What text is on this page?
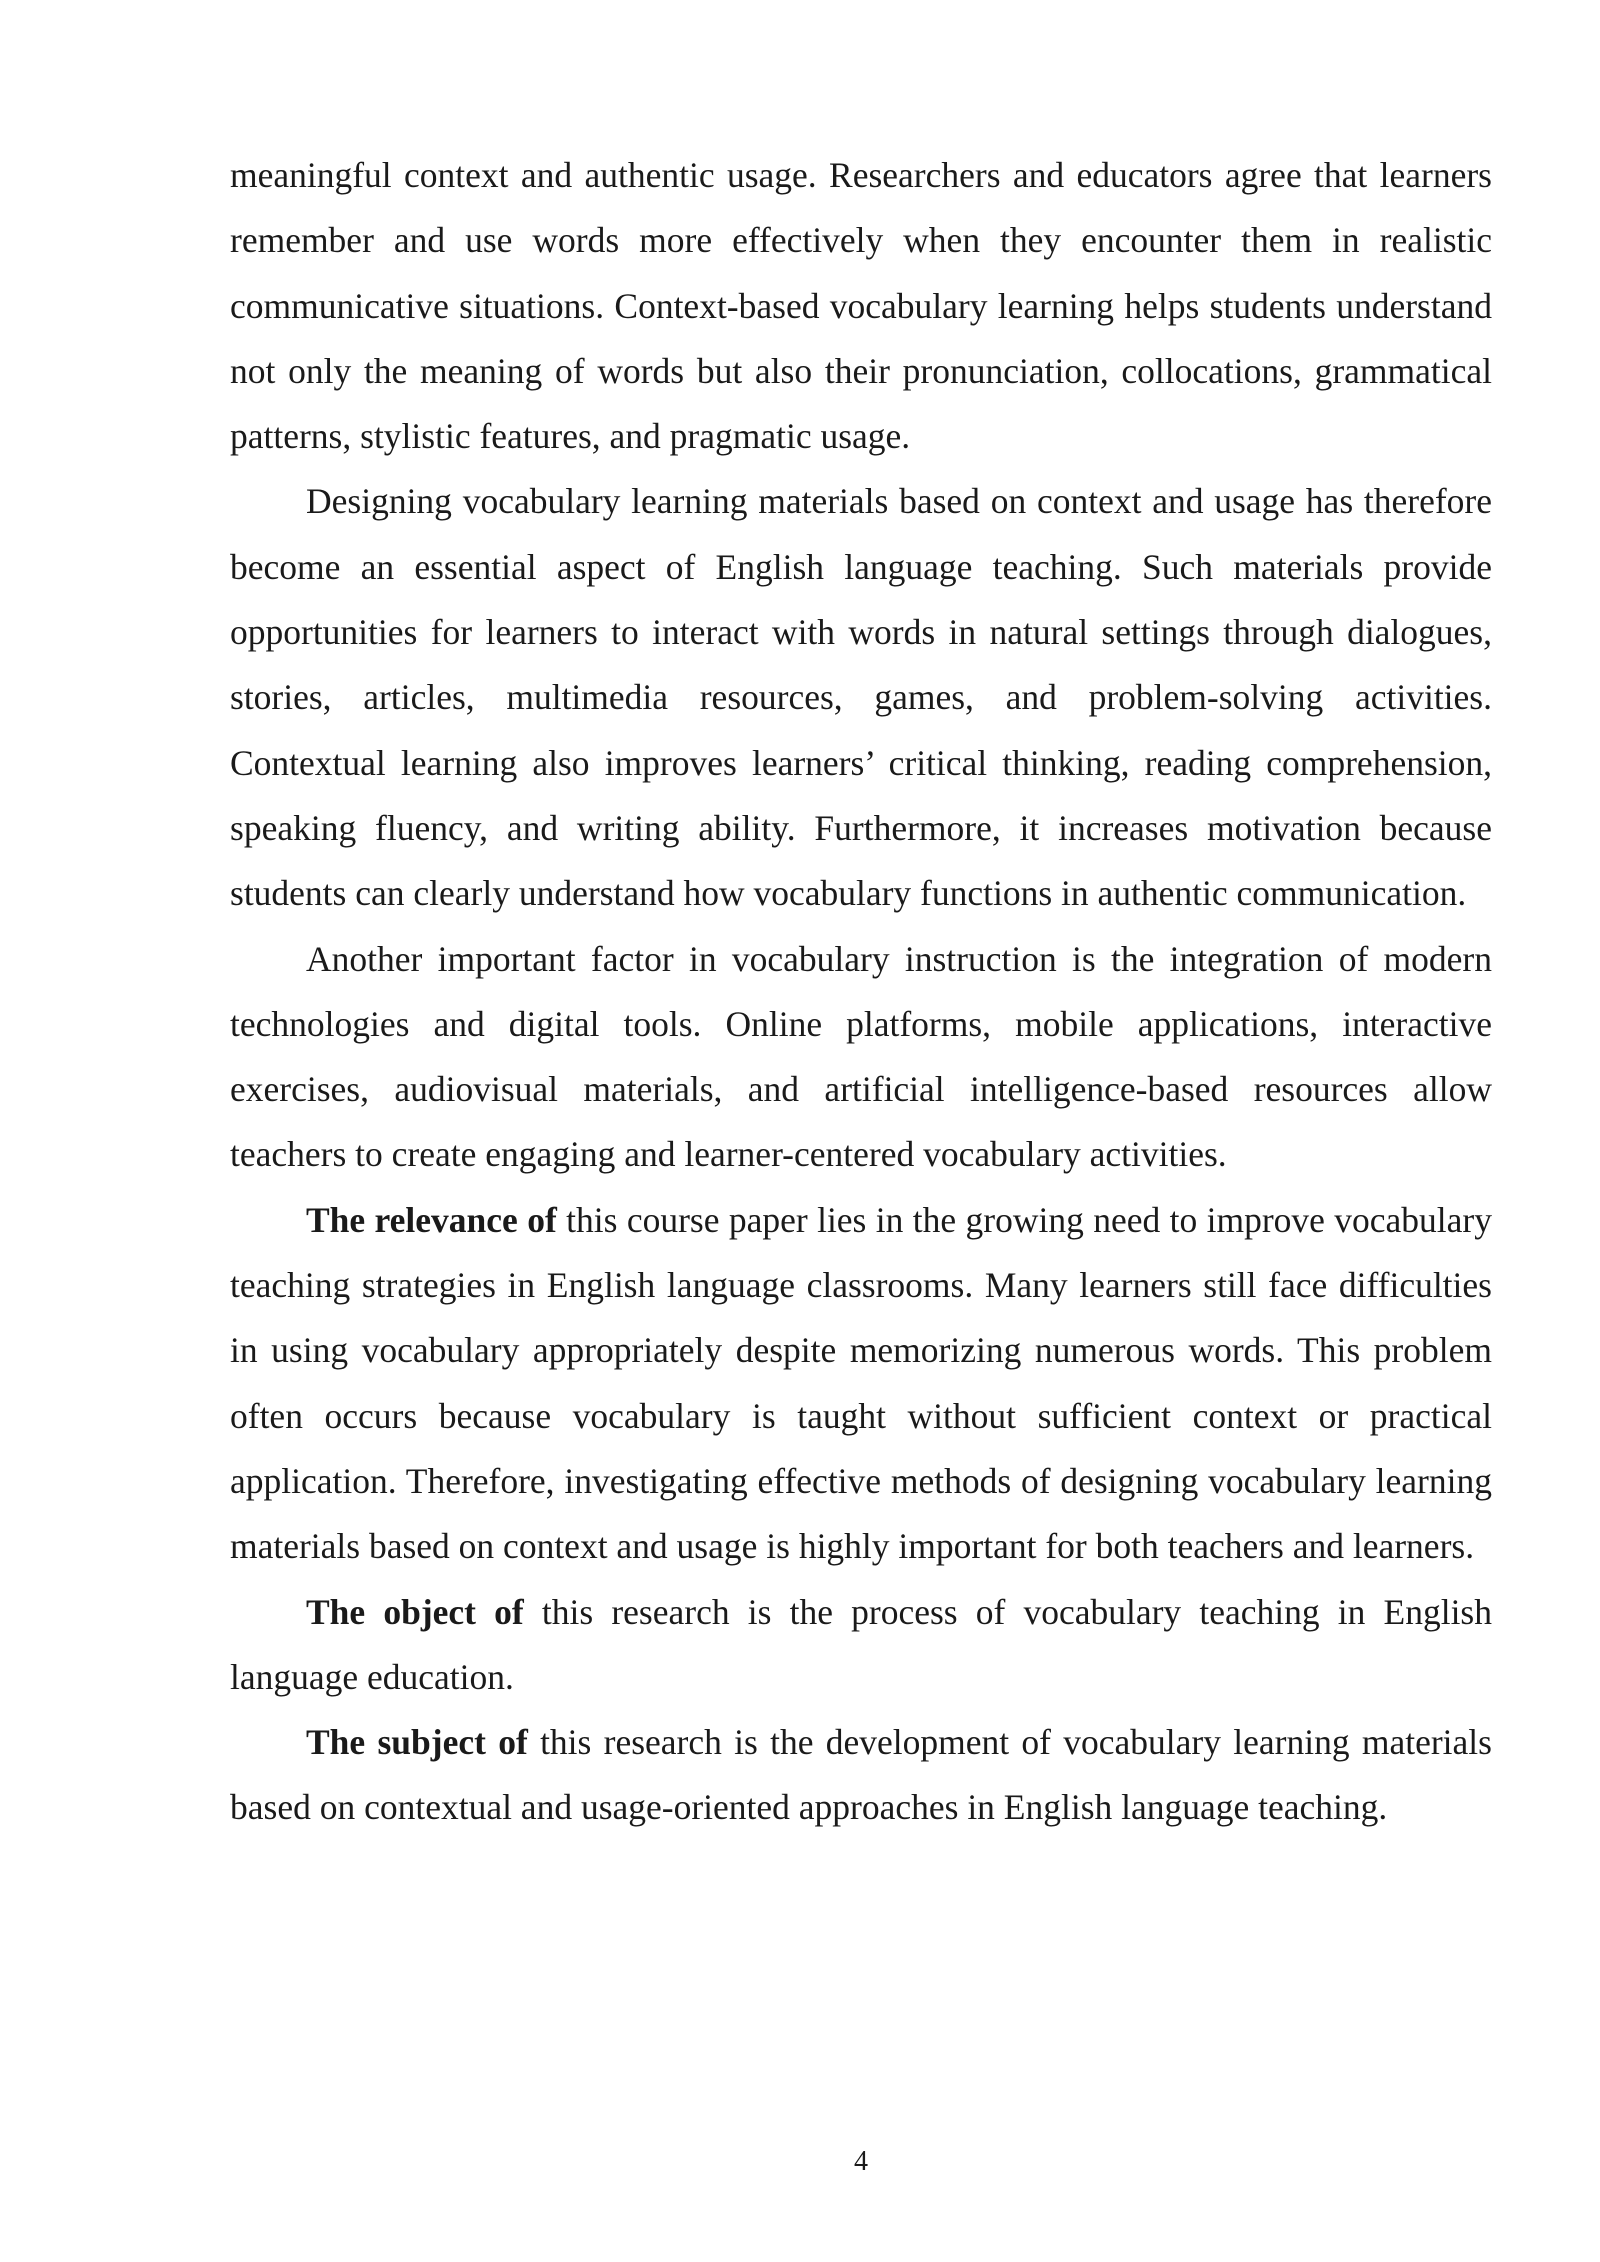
meaningful context and authentic usage. Researchers and educators agree that learners remember and use words more effectively when they encounter them in realistic communicative situations. Context-based vocabulary learning helps students understand not only the meaning of words but also their pronunciation, collocations, grammatical patterns, stylistic features, and pragmatic usage.

Designing vocabulary learning materials based on context and usage has therefore become an essential aspect of English language teaching. Such materials provide opportunities for learners to interact with words in natural settings through dialogues, stories, articles, multimedia resources, games, and problem-solving activities. Contextual learning also improves learners’ critical thinking, reading comprehension, speaking fluency, and writing ability. Furthermore, it increases motivation because students can clearly understand how vocabulary functions in authentic communication.

Another important factor in vocabulary instruction is the integration of modern technologies and digital tools. Online platforms, mobile applications, interactive exercises, audiovisual materials, and artificial intelligence-based resources allow teachers to create engaging and learner-centered vocabulary activities.

The relevance of this course paper lies in the growing need to improve vocabulary teaching strategies in English language classrooms. Many learners still face difficulties in using vocabulary appropriately despite memorizing numerous words. This problem often occurs because vocabulary is taught without sufficient context or practical application. Therefore, investigating effective methods of designing vocabulary learning materials based on context and usage is highly important for both teachers and learners.

The object of this research is the process of vocabulary teaching in English language education.

The subject of this research is the development of vocabulary learning materials based on contextual and usage-oriented approaches in English language teaching.

4
